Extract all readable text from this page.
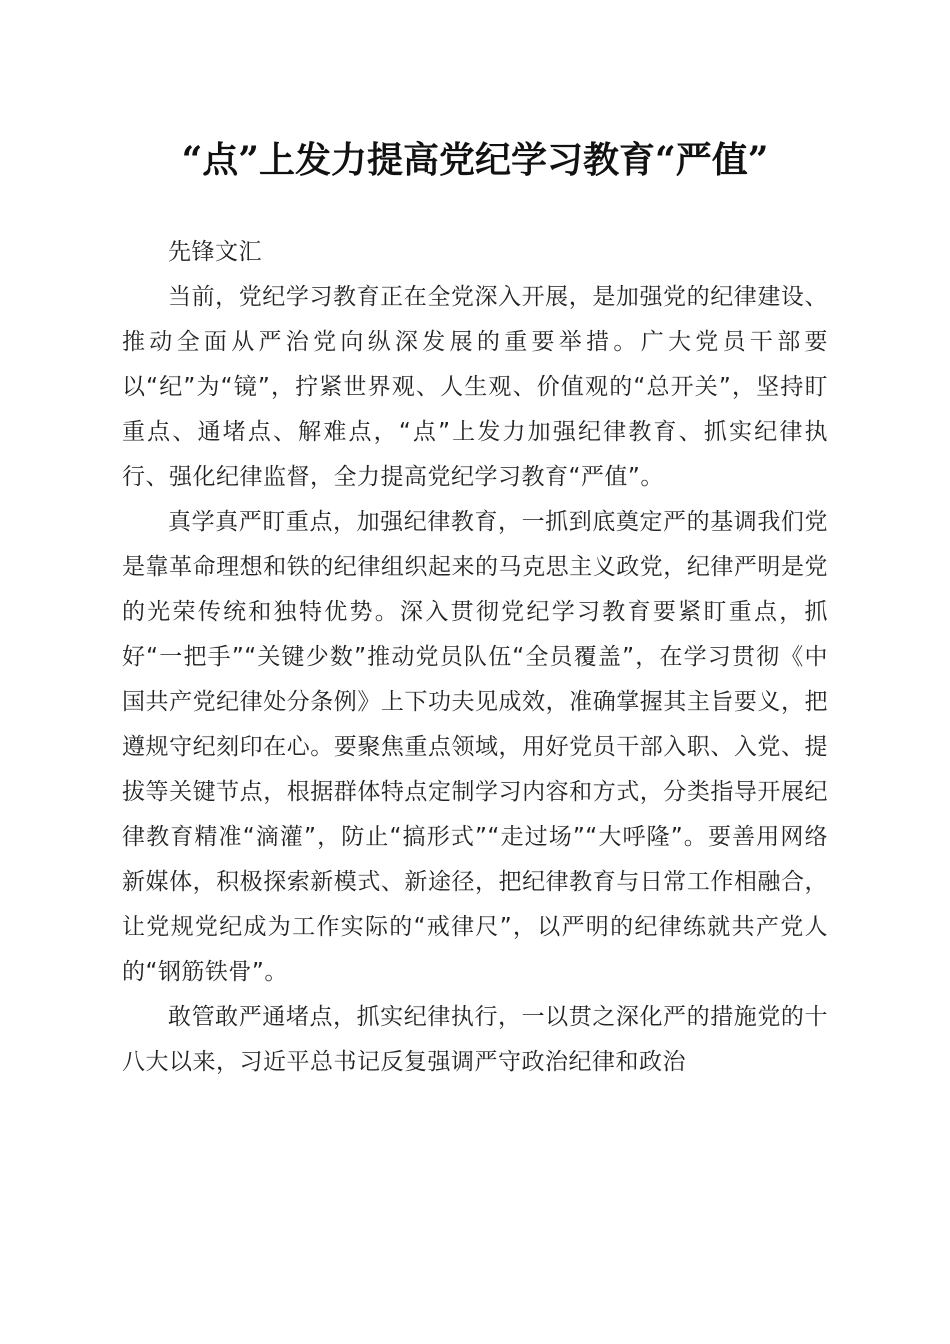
“点”上发力提高党纪学习教育“严值”

先锋文汇

当前，党纪学习教育正在全党深入开展，是加强党的纪律建设、推动全面从严治党向纵深发展的重要举措。广大党员干部要以“纪”为“镜”，拧紧世界观、人生观、价值观的“总开关”，坚持盯重点、通堵点、解难点，“点”上发力加强纪律教育、抓实纪律执行、强化纪律监督，全力提高党纪学习教育“严值”。

真学真严盯重点，加强纪律教育，一抓到底奠定严的基调我们党是靠革命理想和铁的纪律组织起来的马克思主义政党，纪律严明是党的光荣传统和独特优势。深入贯彻党纪学习教育要紧盯重点，抓好“一把手”“关键少数”推动党员队伍“全员覆盖”，在学习贯彻《中国共产党纪律处分条例》上下功夫见成效，准确掌握其主旨要义，把遵规守纪刻印在心。要聚焦重点领域，用好党员干部入职、入党、提拔等关键节点，根据群体特点定制学习内容和方式，分类指导开展纪律教育精准“滴灌”，防止“搞形式”“走过场”“大呼隆”。要善用网络新媒体，积极探索新模式、新途径，把纪律教育与日常工作相融合，让党规党纪成为工作实际的“戒律尺”，以严明的纪律练就共产党人的“钢筋铁骨”。

敢管敢严通堵点，抓实纪律执行，一以贯之深化严的措施党的十八大以来，习近平总书记反复强调严守政治纪律和政治
